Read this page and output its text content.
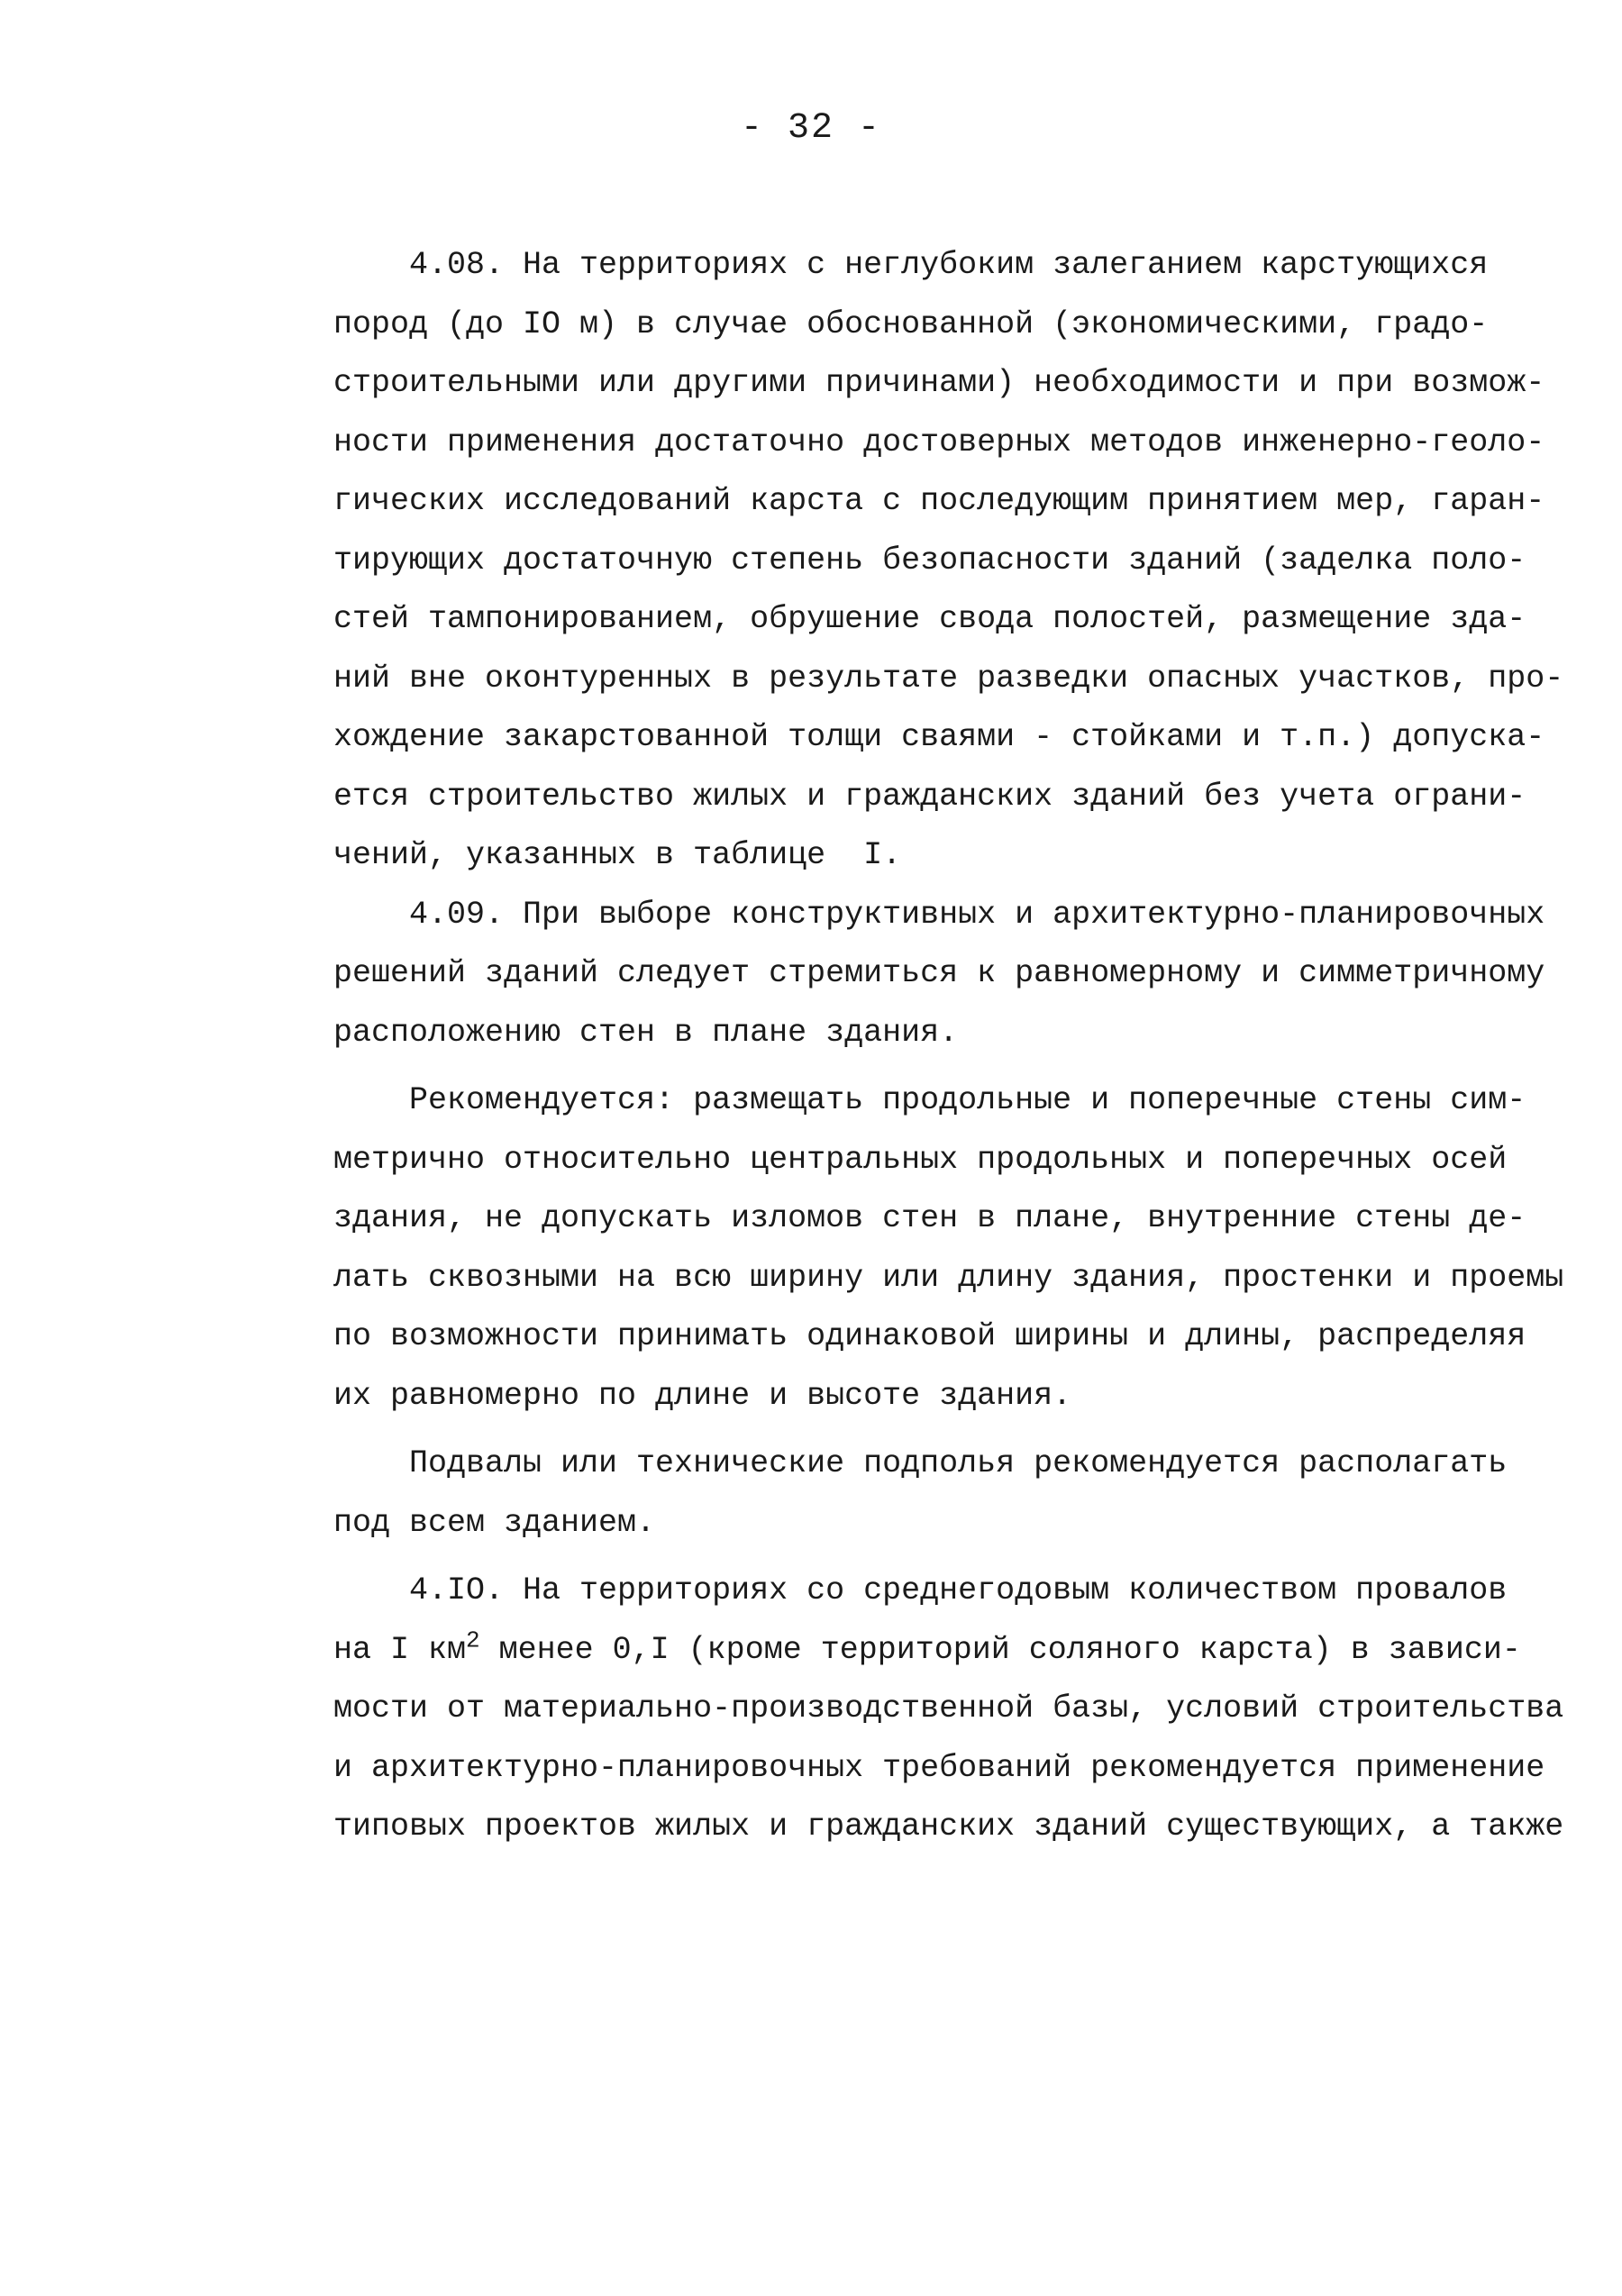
- 32 -
4.08. На территориях с неглубоким залеганием карстующихся
пород (до IO м) в случае обоснованной (экономическими, градо-
строительными или другими причинами) необходимости и при возмож-
ности применения достаточно достоверных методов инженерно-геоло-
гических исследований карста с последующим принятием мер, гаран-
тирующих достаточную степень безопасности зданий (заделка поло-
стей тампонированием, обрушение свода полостей, размещение зда-
ний вне оконтуренных в результате разведки опасных участков, про-
хождение закарстованной толщи сваями - стойками и т.п.) допуска-
ется строительство жилых и гражданских зданий без учета ограни-
чений, указанных в таблице  I.
4.09. При выборе конструктивных и архитектурно-планировочных
решений зданий следует стремиться к равномерному и симметричному
расположению стен в плане здания.
Рекомендуется: размещать продольные и поперечные стены сим-
метрично относительно центральных продольных и поперечных осей
здания, не допускать изломов стен в плане, внутренние стены де-
лать сквозными на всю ширину или длину здания, простенки и проемы
по возможности принимать одинаковой ширины и длины, распределяя
их равномерно по длине и высоте здания.
Подвалы или технические подполья рекомендуется располагать
под всем зданием.
4.IO. На территориях со среднегодовым количеством провалов
на I $км^2$ менее 0,I (кроме территорий соляного карста) в зависи-
мости от материально-производственной базы, условий строительства
и архитектурно-планировочных требований рекомендуется применение
типовых проектов жилых и гражданских зданий существующих, а также
